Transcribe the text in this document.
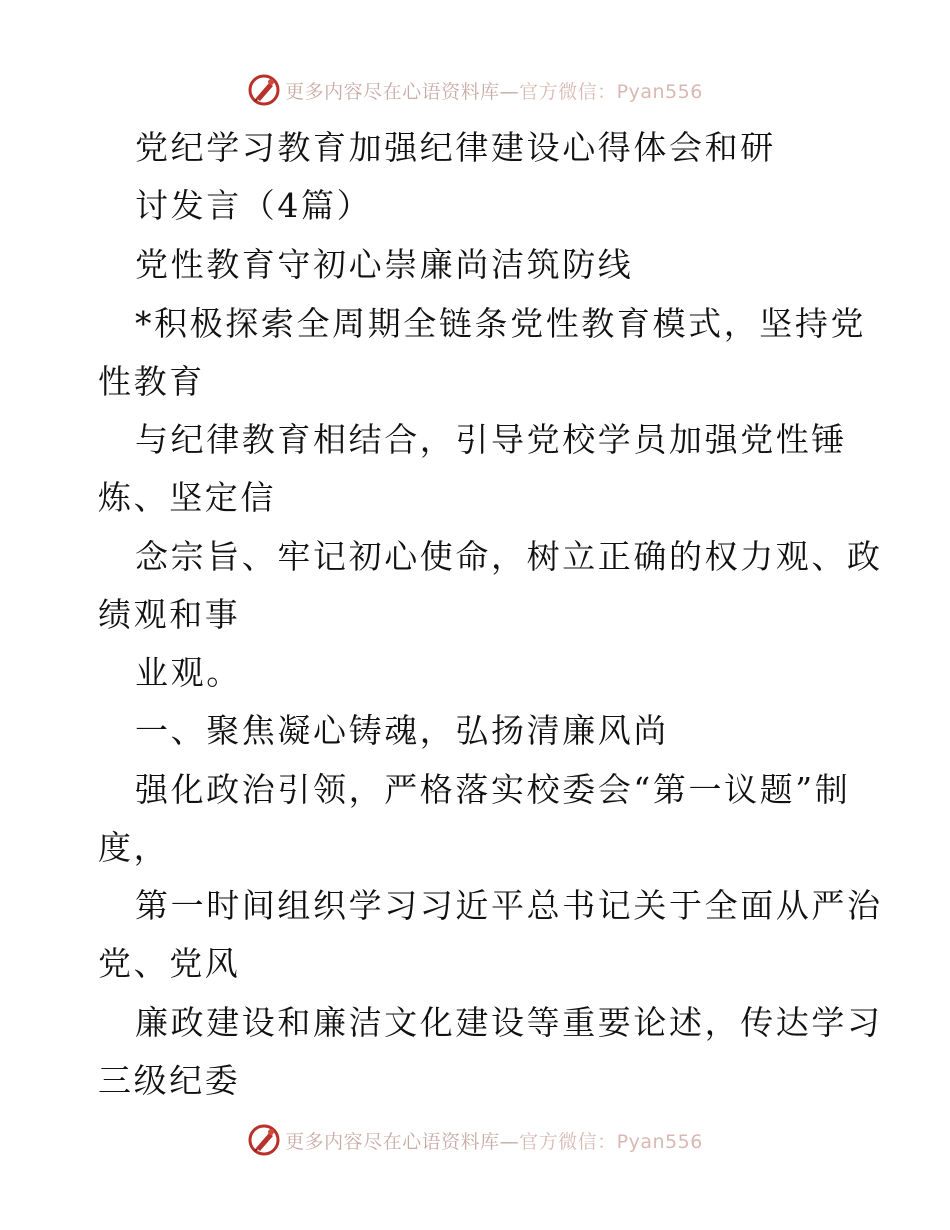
更多内容尽在心语资料库—官方微信：Pyan556
党纪学习教育加强纪律建设心得体会和研
讨发言（4篇）
党性教育守初心崇廉尚洁筑防线
*积极探索全周期全链条党性教育模式，坚持党
性教育
与纪律教育相结合，引导党校学员加强党性锤
炼、坚定信
念宗旨、牢记初心使命，树立正确的权力观、政
绩观和事
业观。
一、聚焦凝心铸魂，弘扬清廉风尚
强化政治引领，严格落实校委会“第一议题”制
度，
第一时间组织学习习近平总书记关于全面从严治
党、党风
廉政建设和廉洁文化建设等重要论述，传达学习
三级纪委
更多内容尽在心语资料库—官方微信：Pyan556
